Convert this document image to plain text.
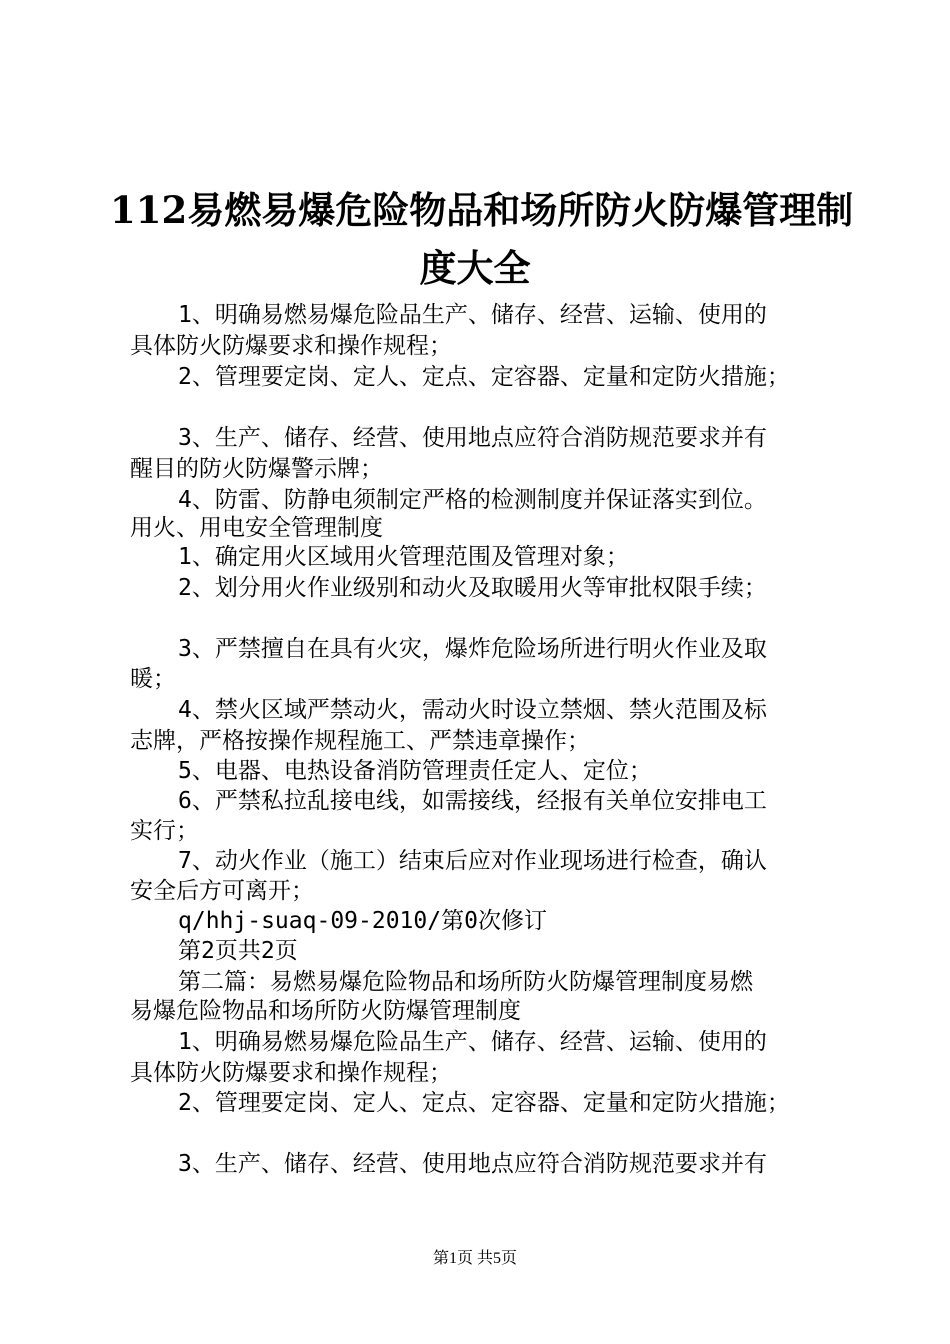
112易燃易爆危险物品和场所防火防爆管理制
度大全
1、明确易燃易爆危险品生产、储存、经营、运输、使用的
具体防火防爆要求和操作规程；
2、管理要定岗、定人、定点、定容器、定量和定防火措施；
3、生产、储存、经营、使用地点应符合消防规范要求并有
醒目的防火防爆警示牌；
4、防雷、防静电须制定严格的检测制度并保证落实到位。
用火、用电安全管理制度
1、确定用火区域用火管理范围及管理对象；
2、划分用火作业级别和动火及取暖用火等审批权限手续；
3、严禁擅自在具有火灾，爆炸危险场所进行明火作业及取
暖；
4、禁火区域严禁动火，需动火时设立禁烟、禁火范围及标
志牌，严格按操作规程施工、严禁违章操作；
5、电器、电热设备消防管理责任定人、定位；
6、严禁私拉乱接电线，如需接线，经报有关单位安排电工
实行；
7、动火作业（施工）结束后应对作业现场进行检查，确认
安全后方可离开；
q/hhj-suaq-09-2010/第0次修订
第2页共2页
第二篇：易燃易爆危险物品和场所防火防爆管理制度易燃
易爆危险物品和场所防火防爆管理制度
1、明确易燃易爆危险品生产、储存、经营、运输、使用的
具体防火防爆要求和操作规程；
2、管理要定岗、定人、定点、定容器、定量和定防火措施；
3、生产、储存、经营、使用地点应符合消防规范要求并有
第1页 共5页
